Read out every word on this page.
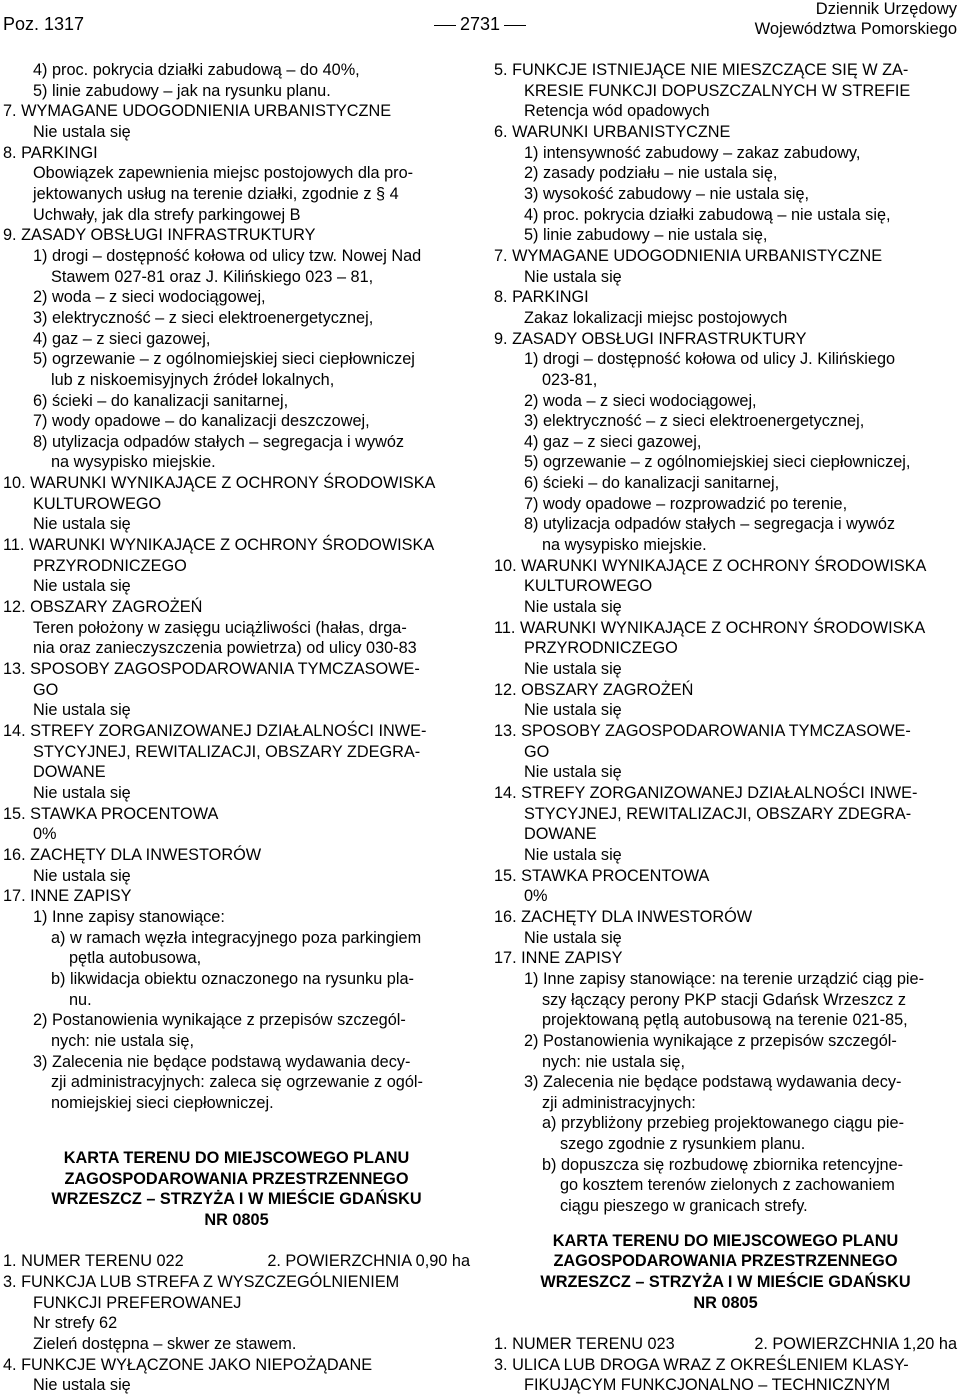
Poz. 1317	2731
Dziennik Urzędowy
Województwa Pomorskiego
4) proc. pokrycia działki zabudową – do 40%,
5) linie zabudowy – jak na rysunku planu.
7. WYMAGANE UDOGODNIENIA URBANISTYCZNE
Nie ustala się
8. PARKINGI
Obowiązek zapewnienia miejsc postojowych dla pro-
jektowanych usług na terenie działki, zgodnie z § 4
Uchwały, jak dla strefy parkingowej B
9. ZASADY OBSŁUGI INFRASTRUKTURY
1) drogi – dostępność kołowa od ulicy tzw. Nowej Nad
Stawem 027-81 oraz J. Kilińskiego 023 – 81,
2) woda – z sieci wodociągowej,
3) elektryczność – z sieci elektroenergetycznej,
4) gaz – z sieci gazowej,
5) ogrzewanie – z ogólnomiejskiej sieci ciepłowniczej
lub z niskoemisyjnych źródeł lokalnych,
6) ścieki – do kanalizacji sanitarnej,
7) wody opadowe – do kanalizacji deszczowej,
8) utylizacja odpadów stałych – segregacja i wywóz
na wysypisko miejskie.
10. WARUNKI WYNIKAJĄCE Z OCHRONY ŚRODOWISKA
KULTUROWEGO
Nie ustala się
11. WARUNKI WYNIKAJĄCE Z OCHRONY ŚRODOWISKA
PRZYRODNICZEGO
Nie ustala się
12. OBSZARY ZAGROŻEŃ
Teren położony w zasięgu uciążliwości (hałas, drga-
nia oraz zanieczyszczenia powietrza) od ulicy 030-83
13. SPOSOBY ZAGOSPODAROWANIA TYMCZASOWE-
GO
Nie ustala się
14. STREFY ZORGANIZOWANEJ DZIAŁALNOŚCI INWE-
STYCYJNEJ, REWITALIZACJI, OBSZARY ZDEGRA-
DOWANE
Nie ustala się
15. STAWKA PROCENTOWA
0%
16. ZACHĘTY DLA INWESTORÓW
Nie ustala się
17. INNE ZAPISY
1) Inne zapisy stanowiące:
a) w ramach węzła integracyjnego poza parkingiem
pętla autobusowa,
b) likwidacja obiektu oznaczonego na rysunku pla-
nu.
2) Postanowienia wynikające z przepisów szczegól-
nych: nie ustala się,
3) Zalecenia nie będące podstawą wydawania decy-
zji administracyjnych: zaleca się ogrzewanie z ogól-
nomiejskiej sieci ciepłowniczej.
KARTA TERENU DO MIEJSCOWEGO PLANU
ZAGOSPODAROWANIA PRZESTRZENNEGO
WRZESZCZ – STRZYŻA I W MIEŚCIE GDAŃSKU
NR 0805
1. NUMER TERENU 022	2. POWIERZCHNIA 0,90 ha
3. FUNKCJA LUB STREFA Z WYSZCZEGÓLNIENIEM
FUNKCJI PREFEROWANEJ
Nr strefy 62
Zieleń dostępna – skwer ze stawem.
4. FUNKCJE WYŁĄCZONE JAKO NIEPOŻĄDANE
Nie ustala się
5. FUNKCJE ISTNIEJĄCE NIE MIESZCZĄCE SIĘ W ZA-
KRESIE FUNKCJI DOPUSZCZALNYCH W STREFIE
Retencja wód opadowych
6. WARUNKI URBANISTYCZNE
1) intensywność zabudowy – zakaz zabudowy,
2) zasady podziału – nie ustala się,
3) wysokość zabudowy – nie ustala się,
4) proc. pokrycia działki zabudową – nie ustala się,
5) linie zabudowy – nie ustala się,
7. WYMAGANE UDOGODNIENIA URBANISTYCZNE
Nie ustala się
8. PARKINGI
Zakaz lokalizacji miejsc postojowych
9. ZASADY OBSŁUGI INFRASTRUKTURY
1) drogi – dostępność kołowa od ulicy J. Kilińskiego
023-81,
2) woda – z sieci wodociągowej,
3) elektryczność – z sieci elektroenergetycznej,
4) gaz – z sieci gazowej,
5) ogrzewanie – z ogólnomiejskiej sieci ciepłowniczej,
6) ścieki – do kanalizacji sanitarnej,
7) wody opadowe – rozprowadzić po terenie,
8) utylizacja odpadów stałych – segregacja i wywóz
na wysypisko miejskie.
10. WARUNKI WYNIKAJĄCE Z OCHRONY ŚRODOWISKA
KULTUROWEGO
Nie ustala się
11. WARUNKI WYNIKAJĄCE Z OCHRONY ŚRODOWISKA
PRZYRODNICZEGO
Nie ustala się
12. OBSZARY ZAGROŻEŃ
Nie ustala się
13. SPOSOBY ZAGOSPODAROWANIA TYMCZASOWE-
GO
Nie ustala się
14. STREFY ZORGANIZOWANEJ DZIAŁALNOŚCI INWE-
STYCYJNEJ, REWITALIZACJI, OBSZARY ZDEGRA-
DOWANE
Nie ustala się
15. STAWKA PROCENTOWA
0%
16. ZACHĘTY DLA INWESTORÓW
Nie ustala się
17. INNE ZAPISY
1) Inne zapisy stanowiące: na terenie urządzić ciąg pie-
szy łączący perony PKP stacji Gdańsk Wrzeszcz z
projektowaną pętlą autobusową na terenie 021-85,
2) Postanowienia wynikające z przepisów szczegól-
nych: nie ustala się,
3) Zalecenia nie będące podstawą wydawania decy-
zji administracyjnych:
a) przybliżony przebieg projektowanego ciągu pie-
szego zgodnie z rysunkiem planu.
b) dopuszcza się rozbudowę zbiornika retencyjne-
go kosztem terenów zielonych z zachowaniem
ciągu pieszego w granicach strefy.
KARTA TERENU DO MIEJSCOWEGO PLANU
ZAGOSPODAROWANIA PRZESTRZENNEGO
WRZESZCZ – STRZYŻA I W MIEŚCIE GDAŃSKU
NR 0805
1. NUMER TERENU 023	2. POWIERZCHNIA 1,20 ha
3. ULICA LUB DROGA WRAZ Z OKREŚLENIEM KLASY-
FIKUJĄCYM FUNKCJONALNO – TECHNICZNYM
